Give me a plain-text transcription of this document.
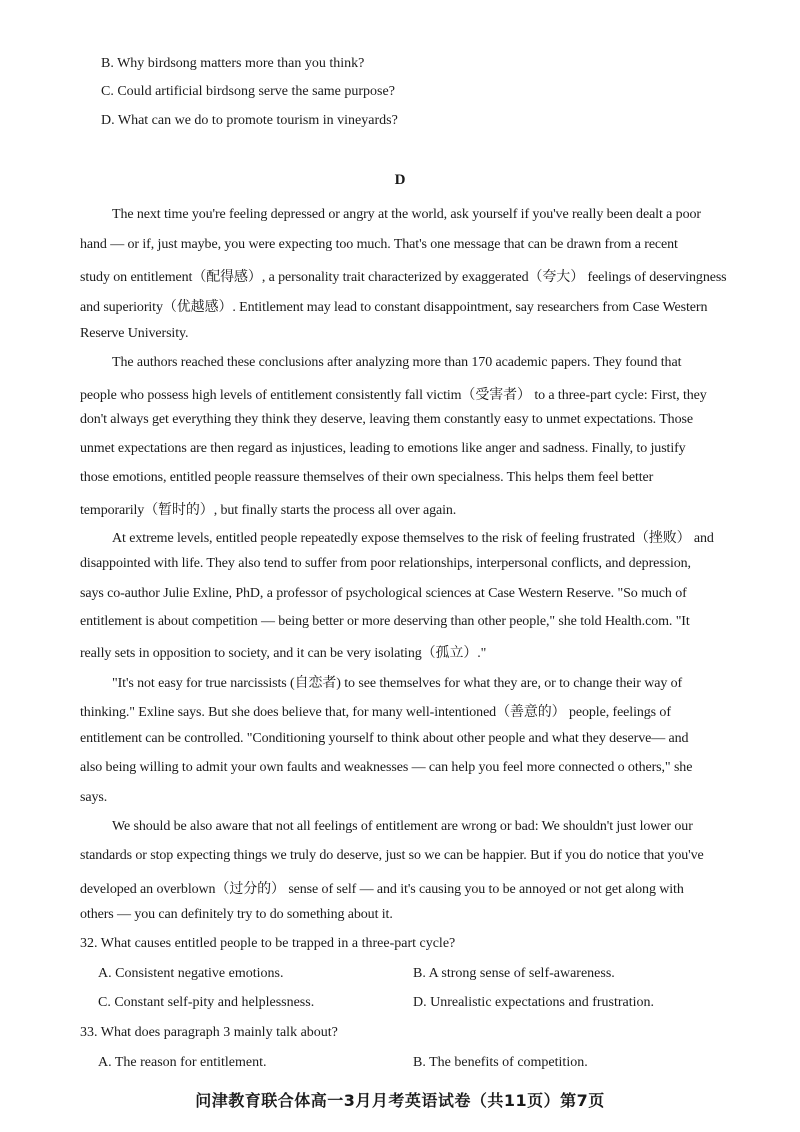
B. Why birdsong matters more than you think?
C. Could artificial birdsong serve the same purpose?
D. What can we do to promote tourism in vineyards?
D
The next time you're feeling depressed or angry at the world, ask yourself if you've really been dealt a poor
hand — or if, just maybe, you were expecting too much. That's one message that can be drawn from a recent
study on entitlement（配得感）, a personality trait characterized by exaggerated（夸大） feelings of deservingness
and superiority（优越感）. Entitlement may lead to constant disappointment, say researchers from Case Western
Reserve University.
The authors reached these conclusions after analyzing more than 170 academic papers. They found that
people who possess high levels of entitlement consistently fall victim（受害者） to a three-part cycle: First, they
don't always get everything they think they deserve, leaving them constantly easy to unmet expectations. Those
unmet expectations are then regard as injustices, leading to emotions like anger and sadness. Finally, to justify
those emotions, entitled people reassure themselves of their own specialness. This helps them feel better
temporarily（暂时的）, but finally starts the process all over again.
At extreme levels, entitled people repeatedly expose themselves to the risk of feeling frustrated（挫败） and
disappointed with life. They also tend to suffer from poor relationships, interpersonal conflicts, and depression,
says co-author Julie Exline, PhD, a professor of psychological sciences at Case Western Reserve. "So much of
entitlement is about competition — being better or more deserving than other people," she told Health.com. "It
really sets in opposition to society, and it can be very isolating（孤立）."
"It's not easy for true narcissists (自恋者) to see themselves for what they are, or to change their way of
thinking." Exline says. But she does believe that, for many well-intentioned（善意的） people, feelings of
entitlement can be controlled. "Conditioning yourself to think about other people and what they deserve— and
also being willing to admit your own faults and weaknesses — can help you feel more connected o others," she
says.
We should be also aware that not all feelings of entitlement are wrong or bad: We shouldn't just lower our
standards or stop expecting things we truly do deserve, just so we can be happier. But if you do notice that you've
developed an overblown（过分的） sense of self — and it's causing you to be annoyed or not get along with
others — you can definitely try to do something about it.
32. What causes entitled people to be trapped in a three-part cycle?
A. Consistent negative emotions.	B. A strong sense of self-awareness.
C. Constant self-pity and helplessness.	D. Unrealistic expectations and frustration.
33. What does paragraph 3 mainly talk about?
A. The reason for entitlement.	B. The benefits of competition.
问津教育联合体高一3月月考英语试卷（共11页）第7页
